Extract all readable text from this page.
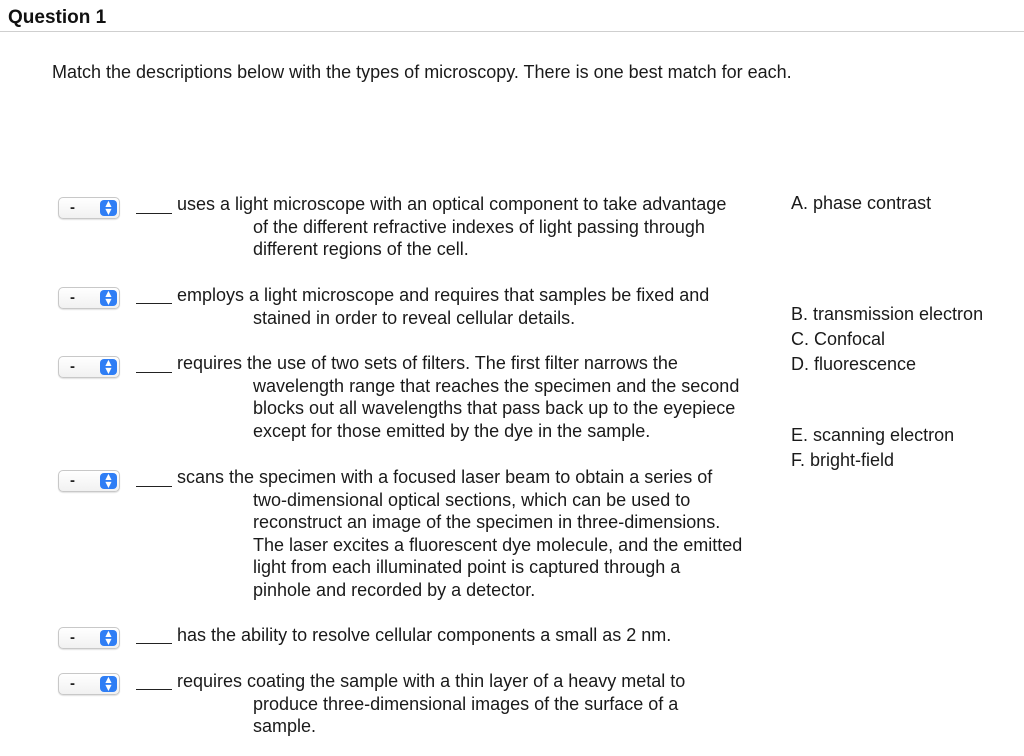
Question 1
Match the descriptions below with the types of microscopy. There is one best match for each.
-	▲
▼	uses a light microscope with an optical component to take advantage
of the different refractive indexes of light passing through
different regions of the cell.
-	▲
▼	employs a light microscope and requires that samples be fixed and
stained in order to reveal cellular details.
-	▲
▼	requires the use of two sets of filters. The first filter narrows the
wavelength range that reaches the specimen and the second
blocks out all wavelengths that pass back up to the eyepiece
except for those emitted by the dye in the sample.
-	▲
▼	scans the specimen with a focused laser beam to obtain a series of
two-dimensional optical sections, which can be used to
reconstruct an image of the specimen in three-dimensions.
The laser excites a fluorescent dye molecule, and the emitted
light from each illuminated point is captured through a
pinhole and recorded by a detector.
-	▲
▼	has the ability to resolve cellular components a small as 2 nm.
-	▲
▼	requires coating the sample with a thin layer of a heavy metal to
produce three-dimensional images of the surface of a
sample.
A. phase contrast
B. transmission electron
C. Confocal
D. fluorescence
E. scanning electron
F. bright-field
